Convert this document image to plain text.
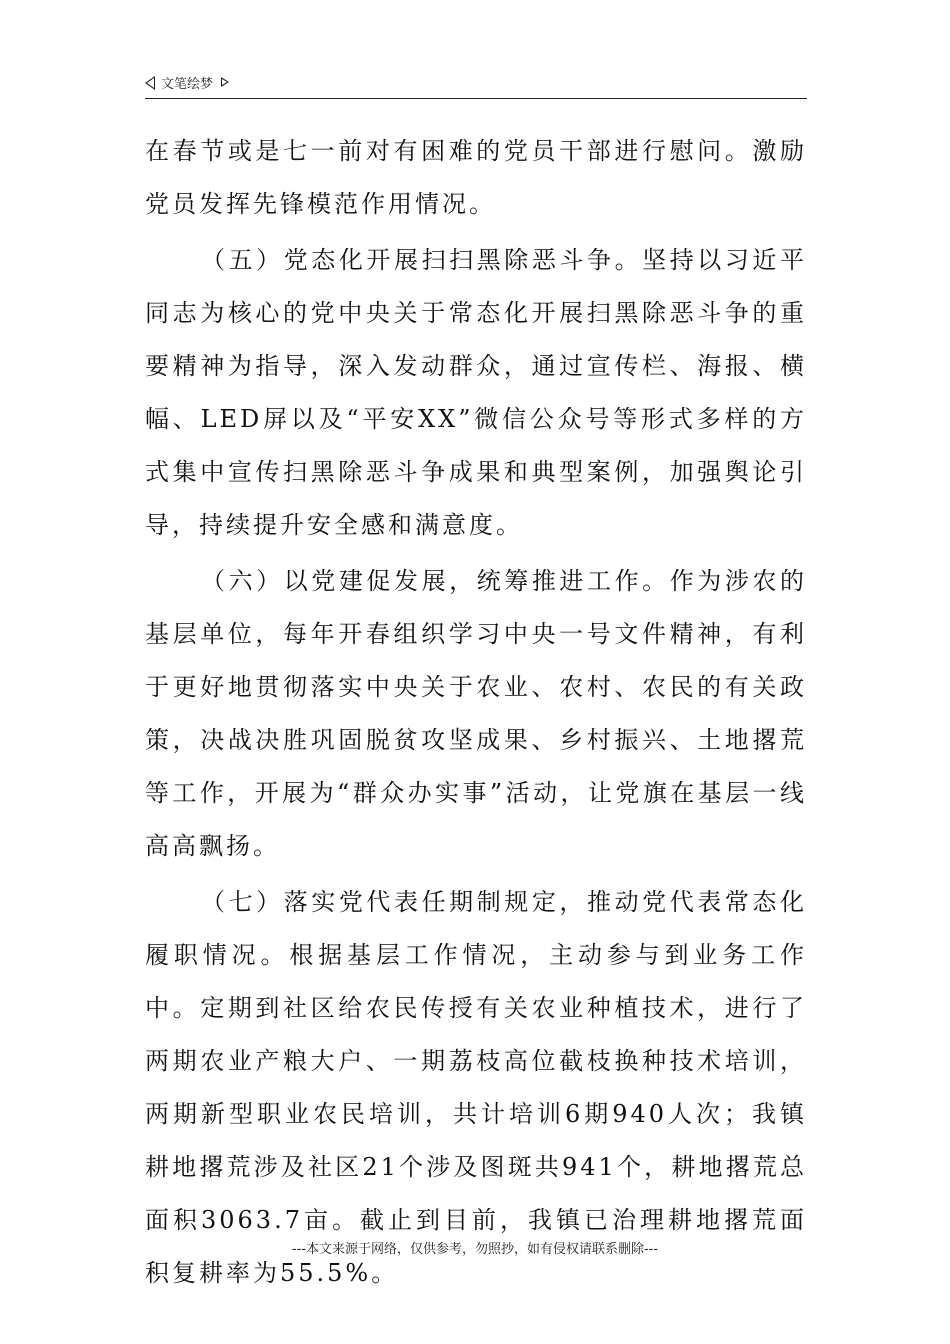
文笔绘梦

在春节或是七一前对有困难的党员干部进行慰问。激励党员发挥先锋模范作用情况。

（五）党态化开展扫扫黑除恶斗争。坚持以习近平同志为核心的党中央关于常态化开展扫黑除恶斗争的重要精神为指导，深入发动群众，通过宣传栏、海报、横幅、LED屏以及“平安XX”微信公众号等形式多样的方式集中宣传扫黑除恶斗争成果和典型案例，加强舆论引导，持续提升安全感和满意度。

（六）以党建促发展，统筹推进工作。作为涉农的基层单位，每年开春组织学习中央一号文件精神，有利于更好地贯彻落实中央关于农业、农村、农民的有关政策，决战决胜巩固脱贫攻坚成果、乡村振兴、土地撂荒等工作，开展为“群众办实事”活动，让党旗在基层一线高高飘扬。

（七）落实党代表任期制规定，推动党代表常态化履职情况。根据基层工作情况，主动参与到业务工作中。定期到社区给农民传授有关农业种植技术，进行了两期农业产粮大户、一期荔枝高位截枝换种技术培训，两期新型职业农民培训，共计培训6期940人次；我镇耕地撂荒涉及社区21个涉及图斑共941个，耕地撂荒总面积3063.7亩。截止到目前，我镇已治理耕地撂荒面积复耕率为55.5%。

---本文来源于网络，仅供参考，勿照抄，如有侵权请联系删除---
